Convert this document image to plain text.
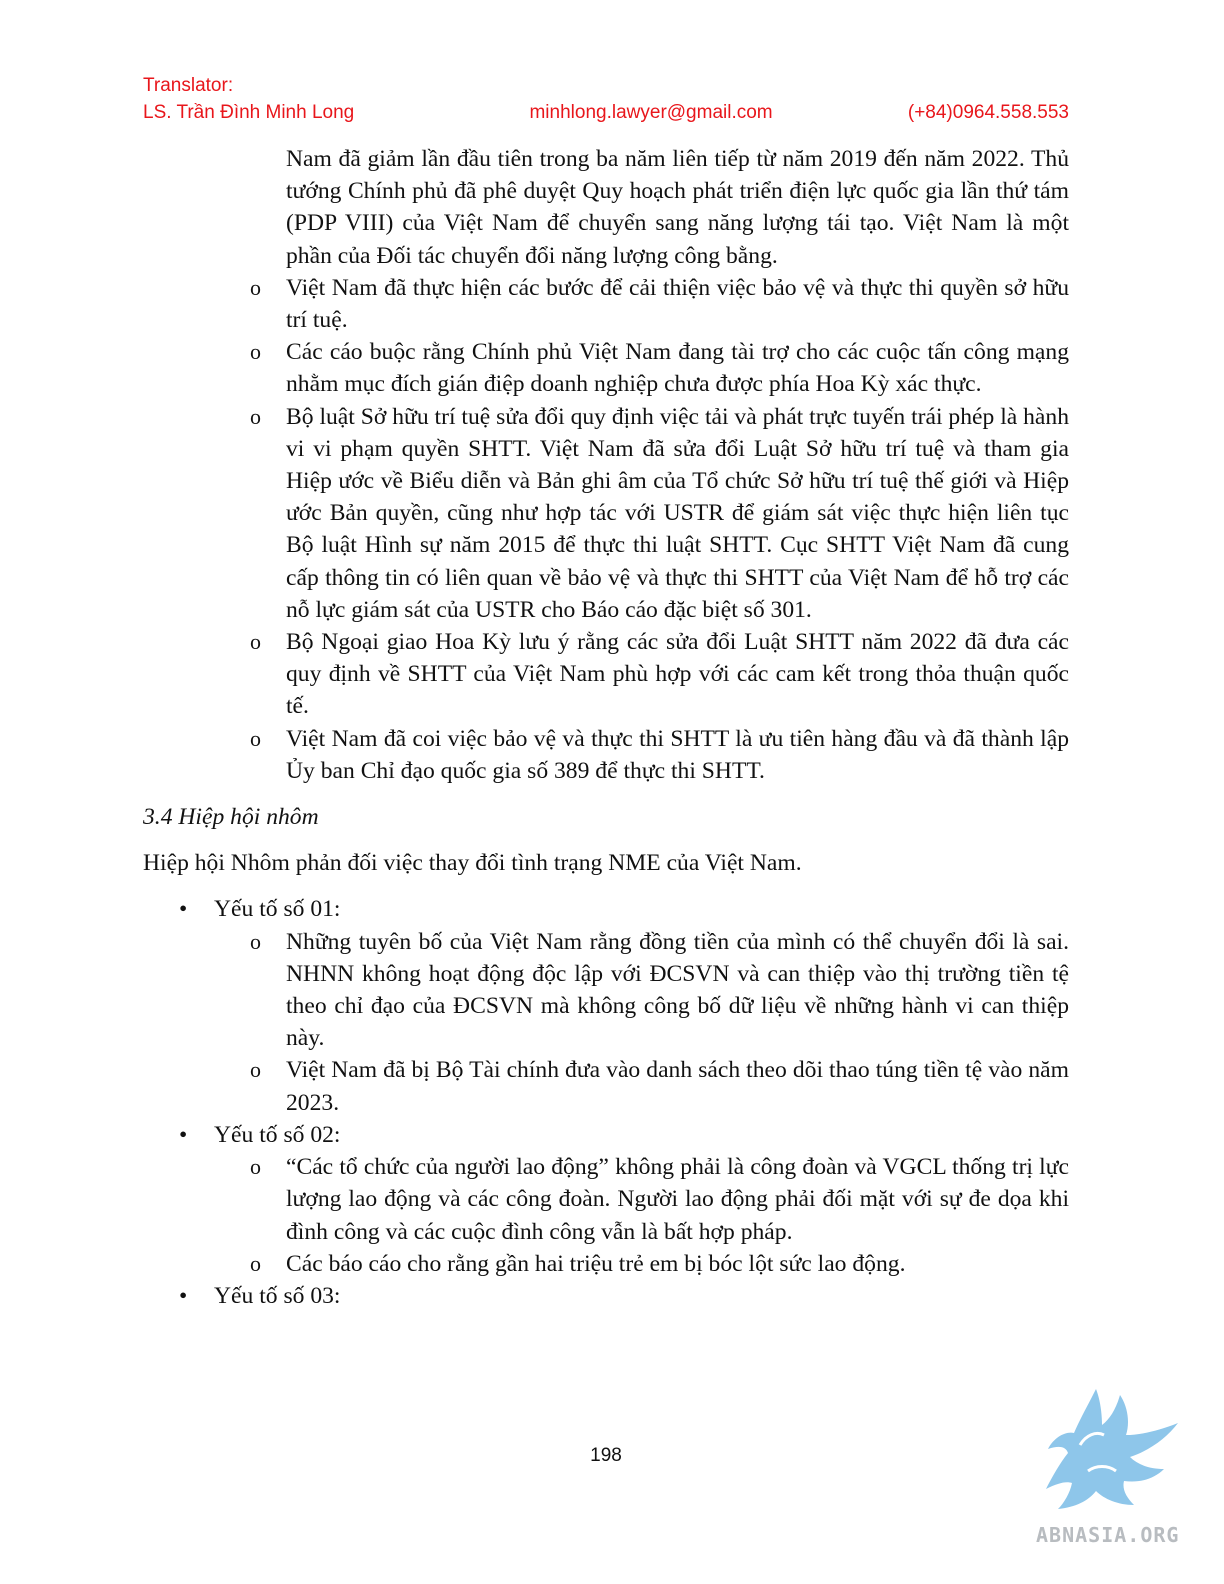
Translator:
LS. Trần Đình Minh Long	minhlong.lawyer@gmail.com	(+84)0964.558.553
Nam đã giảm lần đầu tiên trong ba năm liên tiếp từ năm 2019 đến năm 2022. Thủ tướng Chính phủ đã phê duyệt Quy hoạch phát triển điện lực quốc gia lần thứ tám (PDP VIII) của Việt Nam để chuyển sang năng lượng tái tạo. Việt Nam là một phần của Đối tác chuyển đổi năng lượng công bằng.
o Việt Nam đã thực hiện các bước để cải thiện việc bảo vệ và thực thi quyền sở hữu trí tuệ.
o Các cáo buộc rằng Chính phủ Việt Nam đang tài trợ cho các cuộc tấn công mạng nhằm mục đích gián điệp doanh nghiệp chưa được phía Hoa Kỳ xác thực.
o Bộ luật Sở hữu trí tuệ sửa đổi quy định việc tải và phát trực tuyến trái phép là hành vi vi phạm quyền SHTT. Việt Nam đã sửa đổi Luật Sở hữu trí tuệ và tham gia Hiệp ước về Biểu diễn và Bản ghi âm của Tổ chức Sở hữu trí tuệ thế giới và Hiệp ước Bản quyền, cũng như hợp tác với USTR để giám sát việc thực hiện liên tục Bộ luật Hình sự năm 2015 để thực thi luật SHTT. Cục SHTT Việt Nam đã cung cấp thông tin có liên quan về bảo vệ và thực thi SHTT của Việt Nam để hỗ trợ các nỗ lực giám sát của USTR cho Báo cáo đặc biệt số 301.
o Bộ Ngoại giao Hoa Kỳ lưu ý rằng các sửa đổi Luật SHTT năm 2022 đã đưa các quy định về SHTT của Việt Nam phù hợp với các cam kết trong thỏa thuận quốc tế.
o Việt Nam đã coi việc bảo vệ và thực thi SHTT là ưu tiên hàng đầu và đã thành lập Ủy ban Chỉ đạo quốc gia số 389 để thực thi SHTT.
3.4 Hiệp hội nhôm
Hiệp hội Nhôm phản đối việc thay đổi tình trạng NME của Việt Nam.
• Yếu tố số 01:
o Những tuyên bố của Việt Nam rằng đồng tiền của mình có thể chuyển đổi là sai. NHNN không hoạt động độc lập với ĐCSVN và can thiệp vào thị trường tiền tệ theo chỉ đạo của ĐCSVN mà không công bố dữ liệu về những hành vi can thiệp này.
o Việt Nam đã bị Bộ Tài chính đưa vào danh sách theo dõi thao túng tiền tệ vào năm 2023.
• Yếu tố số 02:
o “Các tổ chức của người lao động” không phải là công đoàn và VGCL thống trị lực lượng lao động và các công đoàn. Người lao động phải đối mặt với sự đe dọa khi đình công và các cuộc đình công vẫn là bất hợp pháp.
o Các báo cáo cho rằng gần hai triệu trẻ em bị bóc lột sức lao động.
• Yếu tố số 03:
198
ABNASIA.ORG
